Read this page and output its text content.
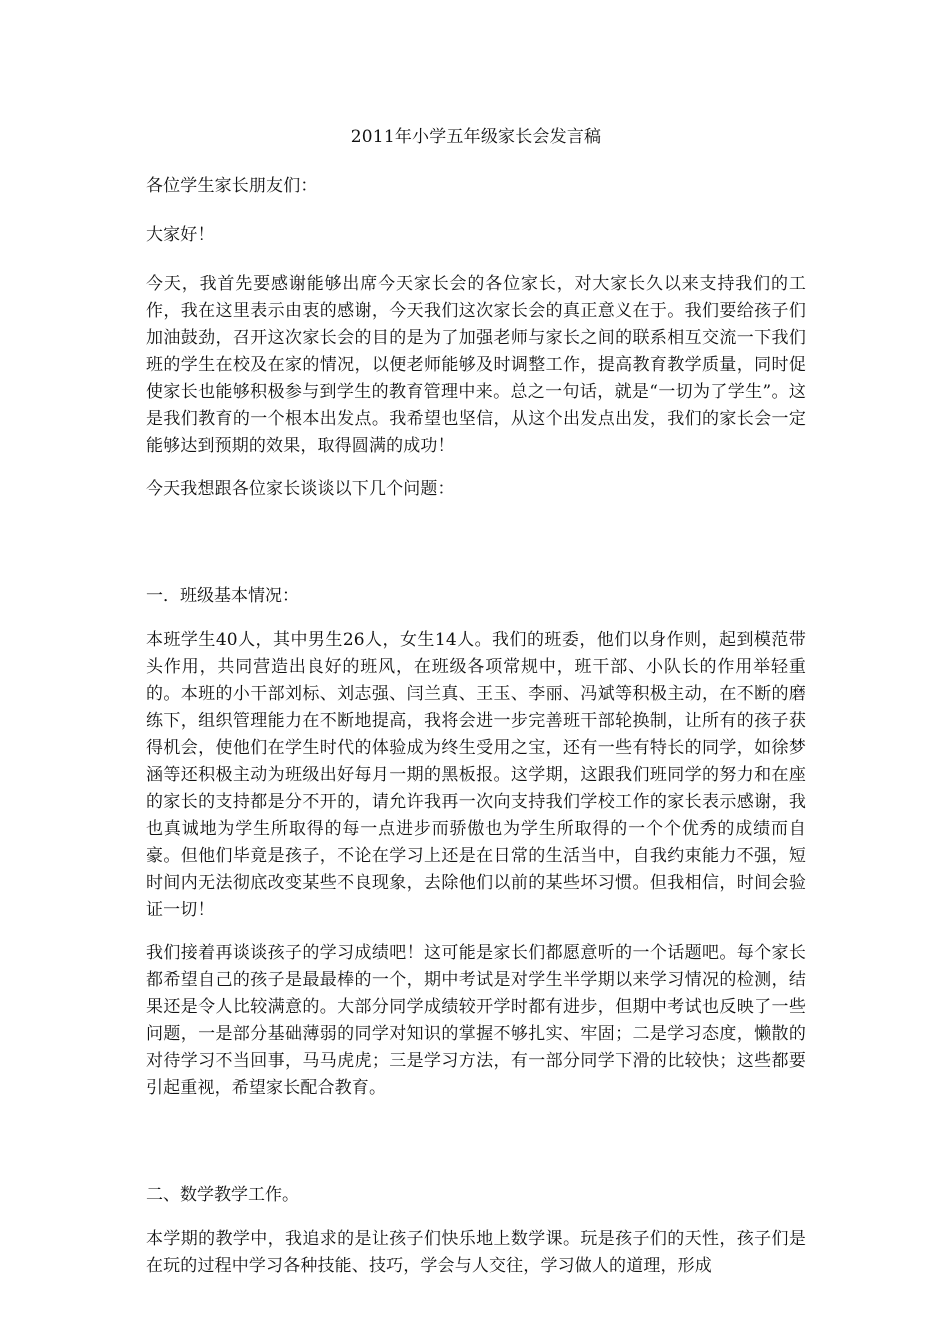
2011年小学五年级家长会发言稿

各位学生家长朋友们：

大家好！

今天，我首先要感谢能够出席今天家长会的各位家长，对大家长久以来支持我们的工作，我在这里表示由衷的感谢，今天我们这次家长会的真正意义在于。我们要给孩子们加油鼓劲，召开这次家长会的目的是为了加强老师与家长之间的联系相互交流一下我们班的学生在校及在家的情况，以便老师能够及时调整工作，提高教育教学质量，同时促使家长也能够积极参与到学生的教育管理中来。总之一句话，就是“一切为了学生”。这是我们教育的一个根本出发点。我希望也坚信，从这个出发点出发，我们的家长会一定能够达到预期的效果，取得圆满的成功！

今天我想跟各位家长谈谈以下几个问题：

一．班级基本情况：

本班学生40人，其中男生26人，女生14人。我们的班委，他们以身作则，起到模范带头作用，共同营造出良好的班风，在班级各项常规中，班干部、小队长的作用举轻重的。本班的小干部刘标、刘志强、闫兰真、王玉、李丽、冯斌等积极主动，在不断的磨练下，组织管理能力在不断地提高，我将会进一步完善班干部轮换制，让所有的孩子获得机会，使他们在学生时代的体验成为终生受用之宝，还有一些有特长的同学，如徐梦涵等还积极主动为班级出好每月一期的黑板报。这学期，这跟我们班同学的努力和在座的家长的支持都是分不开的，请允许我再一次向支持我们学校工作的家长表示感谢，我也真诚地为学生所取得的每一点进步而骄傲也为学生所取得的一个个优秀的成绩而自豪。但他们毕竟是孩子，不论在学习上还是在日常的生活当中，自我约束能力不强，短时间内无法彻底改变某些不良现象，去除他们以前的某些坏习惯。但我相信，时间会验证一切！

我们接着再谈谈孩子的学习成绩吧！这可能是家长们都愿意听的一个话题吧。每个家长都希望自己的孩子是最最棒的一个，期中考试是对学生半学期以来学习情况的检测，结果还是令人比较满意的。大部分同学成绩较开学时都有进步，但期中考试也反映了一些问题，一是部分基础薄弱的同学对知识的掌握不够扎实、牢固；二是学习态度，懒散的对待学习不当回事，马马虎虎；三是学习方法，有一部分同学下滑的比较快；这些都要引起重视，希望家长配合教育。

二、数学教学工作。

本学期的教学中，我追求的是让孩子们快乐地上数学课。玩是孩子们的天性，孩子们是在玩的过程中学习各种技能、技巧，学会与人交往，学习做人的道理，形成
